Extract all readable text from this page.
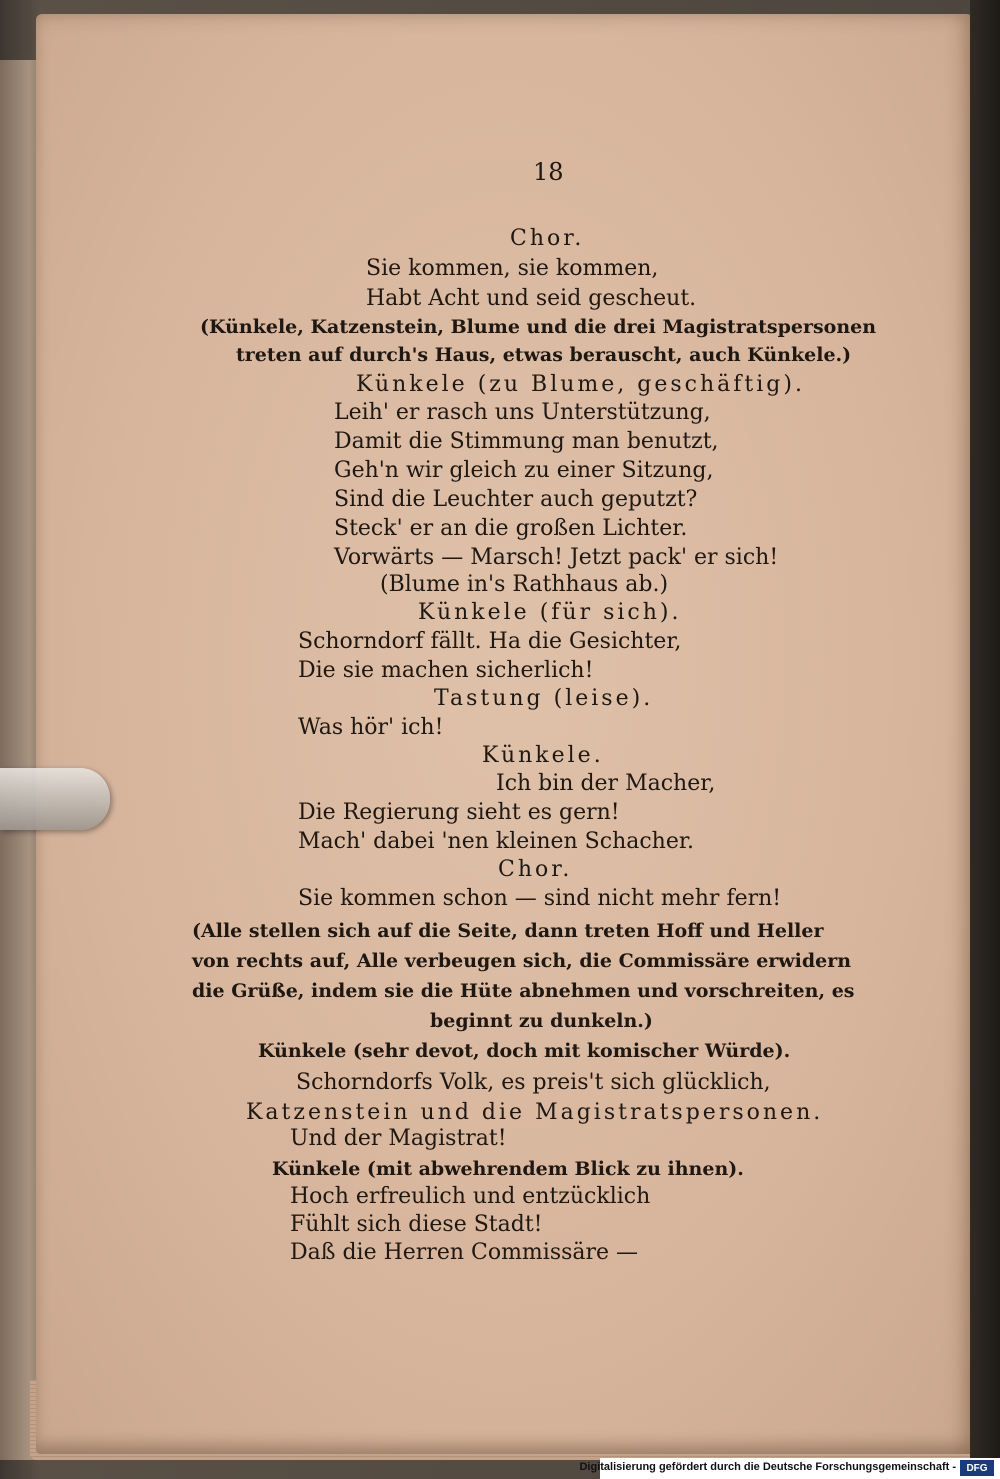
18
Chor.
Sie kommen, sie kommen,
Habt Acht und seid gescheut.
(Künkele, Katzenstein, Blume und die drei Magistratspersonen
treten auf durch's Haus, etwas berauscht, auch Künkele.)
Künkele (zu Blume, geschäftig).
Leih' er rasch uns Unterstützung,
Damit die Stimmung man benutzt,
Geh'n wir gleich zu einer Sitzung,
Sind die Leuchter auch geputzt?
Steck' er an die großen Lichter.
Vorwärts — Marsch! Jetzt pack' er sich!
(Blume in's Rathhaus ab.)
Künkele (für sich).
Schorndorf fällt. Ha die Gesichter,
Die sie machen sicherlich!
Tastung (leise).
Was hör' ich!
Künkele.
Ich bin der Macher,
Die Regierung sieht es gern!
Mach' dabei 'nen kleinen Schacher.
Chor.
Sie kommen schon — sind nicht mehr fern!
(Alle stellen sich auf die Seite, dann treten Hoff und Heller
von rechts auf, Alle verbeugen sich, die Commissäre erwidern
die Grüße, indem sie die Hüte abnehmen und vorschreiten, es
beginnt zu dunkeln.)
Künkele (sehr devot, doch mit komischer Würde).
Schorndorfs Volk, es preis't sich glücklich,
Katzenstein und die Magistratspersonen.
Und der Magistrat!
Künkele (mit abwehrendem Blick zu ihnen).
Hoch erfreulich und entzücklich
Fühlt sich diese Stadt!
Daß die Herren Commissäre —
Digitalisierung gefördert durch die Deutsche Forschungsgemeinschaft -	DFG
